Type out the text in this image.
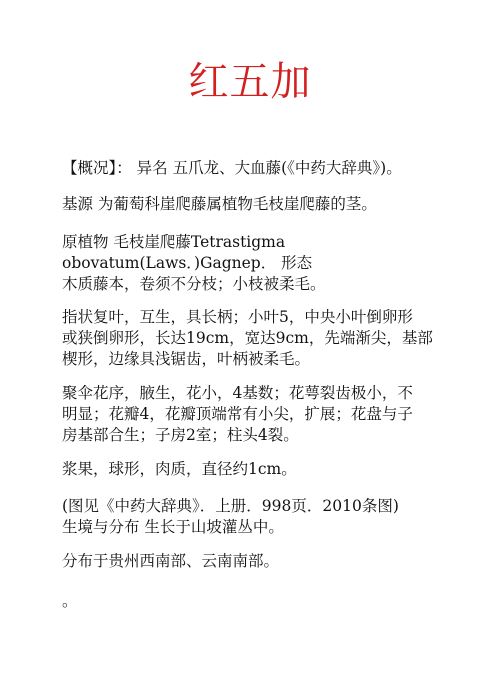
红五加
【概况】： 异名 五爪龙、大血藤(《中药大辞典》)。
基源 为葡萄科崖爬藤属植物毛枝崖爬藤的茎。
原植物 毛枝崖爬藤Tetrastigma
obovatum(Laws．)Gagnep． 形态
木质藤本，卷须不分枝；小枝被柔毛。
指状复叶，互生，具长柄；小叶5，中央小叶倒卵形
或狭倒卵形，长达19cm，宽达9cm，先端渐尖，基部
楔形，边缘具浅锯齿，叶柄被柔毛。
聚伞花序，腋生，花小，4基数；花萼裂齿极小，不
明显；花瓣4，花瓣顶端常有小尖，扩展；花盘与子
房基部合生；子房2室；柱头4裂。
浆果，球形，肉质，直径约1cm。
(图见《中药大辞典》．上册．998页．2010条图)
生境与分布 生长于山坡灌丛中。
分布于贵州西南部、云南南部。
。
